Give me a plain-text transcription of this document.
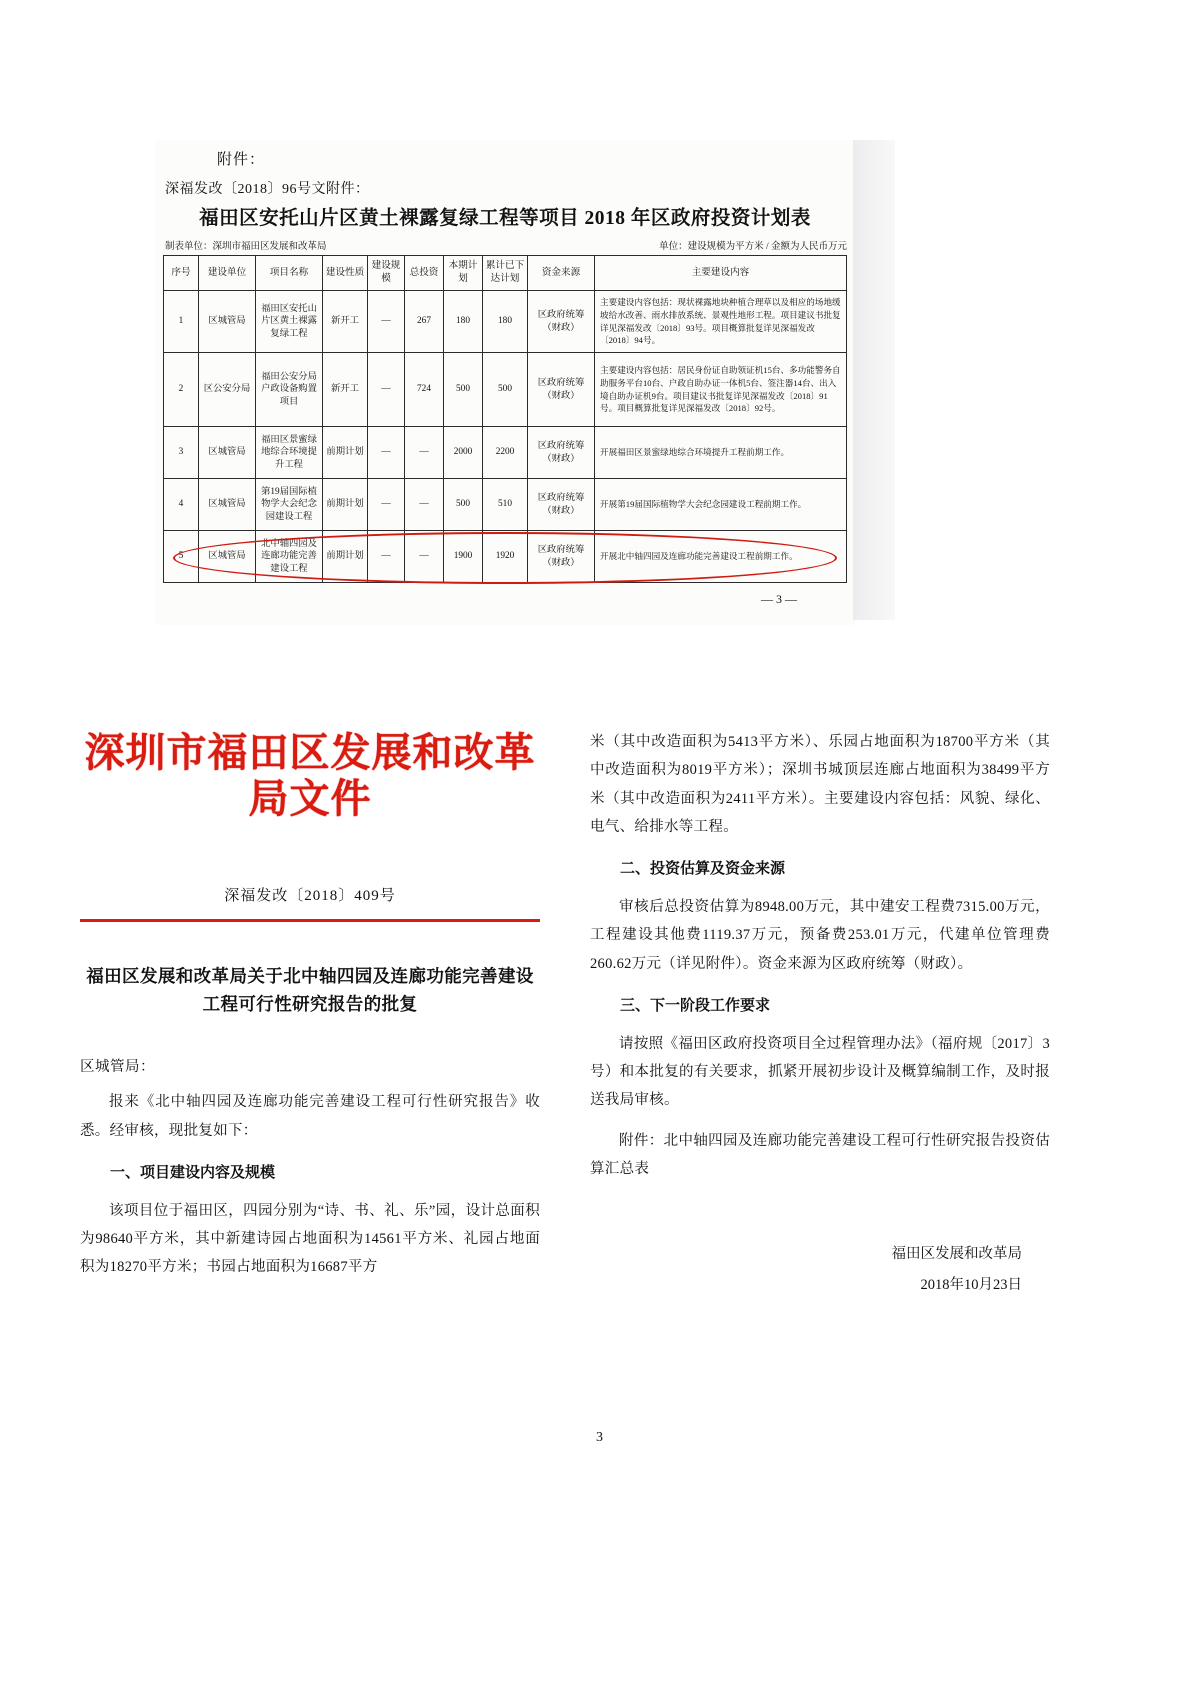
附件：
深福发改〔2018〕96号文附件：
福田区安托山片区黄土裸露复绿工程等项目 2018 年区政府投资计划表
制表单位：深圳市福田区发展和改革局	单位：建设规模为平方米 / 金额为人民币万元
序号	建设单位	项目名称	建设性质	建设规模	总投资	本期计划	累计已下达计划	资金来源	主要建设内容
1	区城管局	福田区安托山片区黄土裸露复绿工程	新开工	—	267	180	180	区政府统筹（财政）	主要建设内容包括：现状裸露地块种植合理草以及相应的场地缓坡给水改善、雨水排放系统、景观性地形工程。项目建议书批复详见深福发改〔2018〕93号。项目概算批复详见深福发改〔2018〕94号。
2	区公安分局	福田公安分局户政设备购置项目	新开工	—	724	500	500	区政府统筹（财政）	主要建设内容包括：居民身份证自助领证机15台、多功能警务自助服务平台10台、户政自助办证一体机5台、签注器14台、出入境自助办证机9台。项目建议书批复详见深福发改〔2018〕91号。项目概算批复详见深福发改〔2018〕92号。
3	区城管局	福田区景蜜绿地综合环境提升工程	前期计划	—	—	2000	2200	区政府统筹（财政）	开展福田区景蜜绿地综合环境提升工程前期工作。
4	区城管局	第19届国际植物学大会纪念园建设工程	前期计划	—	—	500	510	区政府统筹（财政）	开展第19届国际植物学大会纪念园建设工程前期工作。
5	区城管局	北中轴四园及连廊功能完善建设工程	前期计划	—	—	1900	1920	区政府统筹（财政）	开展北中轴四园及连廊功能完善建设工程前期工作。
— 3 —
深圳市福田区发展和改革局文件
深福发改〔2018〕409号
福田区发展和改革局关于北中轴四园及连廊功能完善建设工程可行性研究报告的批复
区城管局：

报来《北中轴四园及连廊功能完善建设工程可行性研究报告》收悉。经审核，现批复如下：

一、项目建设内容及规模

该项目位于福田区，四园分别为“诗、书、礼、乐”园，设计总面积为98640平方米，其中新建诗园占地面积为14561平方米、礼园占地面积为18270平方米；书园占地面积为16687平方

米（其中改造面积为5413平方米）、乐园占地面积为18700平方米（其中改造面积为8019平方米）；深圳书城顶层连廊占地面积为38499平方米（其中改造面积为2411平方米）。主要建设内容包括：风貌、绿化、电气、给排水等工程。

二、投资估算及资金来源

审核后总投资估算为8948.00万元，其中建安工程费7315.00万元，工程建设其他费1119.37万元，预备费253.01万元，代建单位管理费260.62万元（详见附件）。资金来源为区政府统筹（财政）。

三、下一阶段工作要求

请按照《福田区政府投资项目全过程管理办法》（福府规〔2017〕3号）和本批复的有关要求，抓紧开展初步设计及概算编制工作，及时报送我局审核。

附件：北中轴四园及连廊功能完善建设工程可行性研究报告投资估算汇总表

福田区发展和改革局
2018年10月23日
3
